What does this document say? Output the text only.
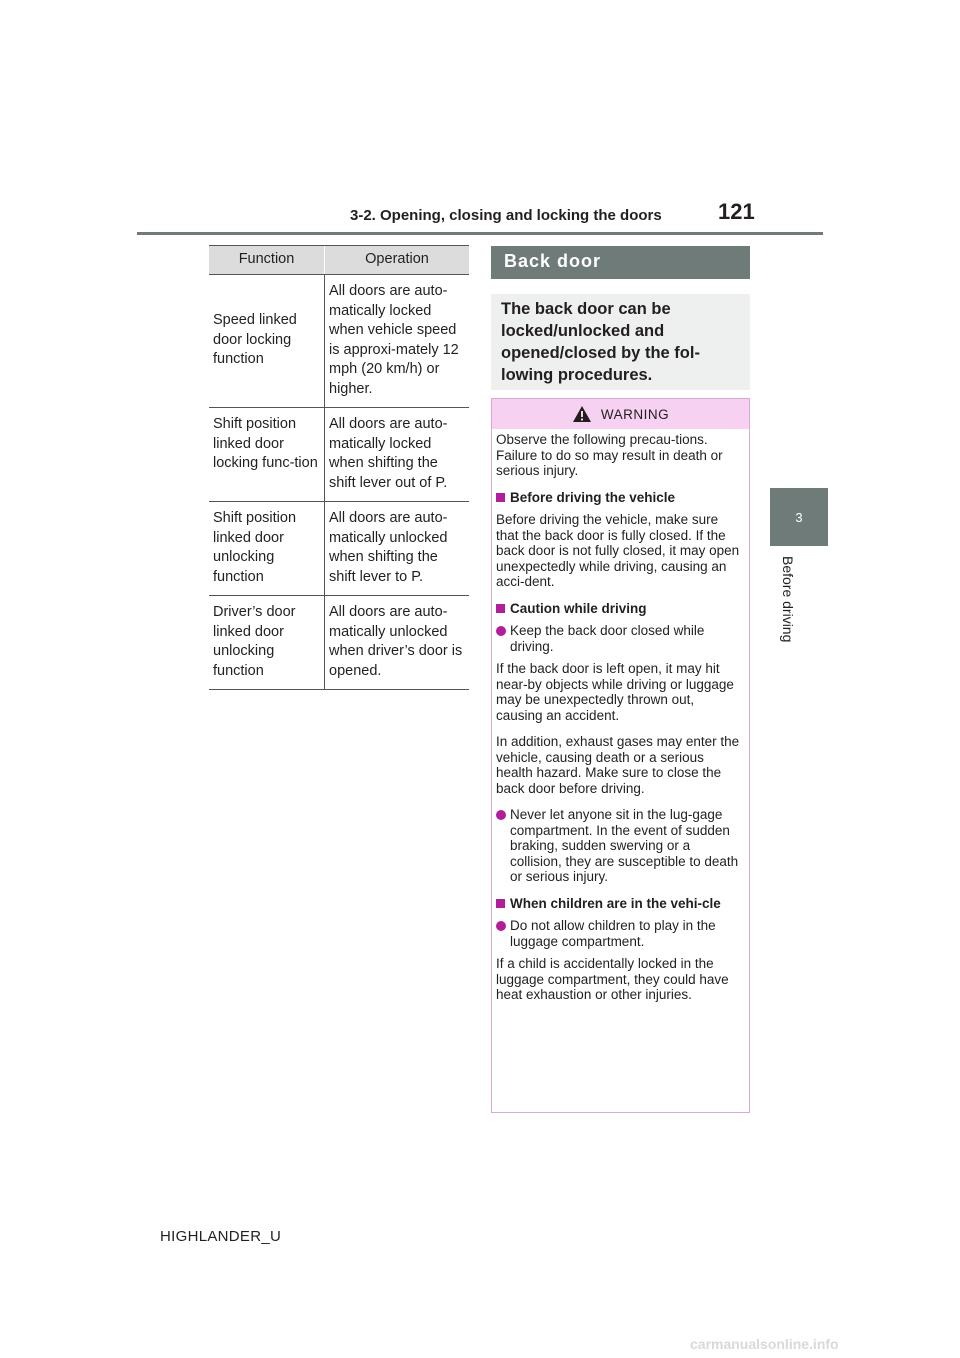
3-2. Opening, closing and locking the doors	121
3
Before driving
Function	Operation
Speed linked door locking function	All doors are auto-matically locked when vehicle speed is approxi-mately 12 mph (20 km/h) or higher.
Shift position linked door locking func-tion	All doors are auto-matically locked when shifting the shift lever out of P.
Shift position linked door unlocking function	All doors are auto-matically unlocked when shifting the shift lever to P.
Driver’s door linked door unlocking function	All doors are auto-matically unlocked when driver’s door is opened.
Back door
The back door can be locked/unlocked and opened/closed by the fol-lowing procedures.
WARNING

Observe the following precau-tions. Failure to do so may result in death or serious injury.

Before driving the vehicle

Before driving the vehicle, make sure that the back door is fully closed. If the back door is not fully closed, it may open unexpectedly while driving, causing an acci-dent.

Caution while driving
Keep the back door closed while driving.

If the back door is left open, it may hit near-by objects while driving or luggage may be unexpectedly thrown out, causing an accident.

In addition, exhaust gases may enter the vehicle, causing death or a serious health hazard. Make sure to close the back door before driving.

Never let anyone sit in the lug-gage compartment. In the event of sudden braking, sudden swerving or a collision, they are susceptible to death or serious injury.
When children are in the vehi-cle
Do not allow children to play in the luggage compartment.

If a child is accidentally locked in the luggage compartment, they could have heat exhaustion or other injuries.

HIGHLANDER_U
carmanualsonline.info
